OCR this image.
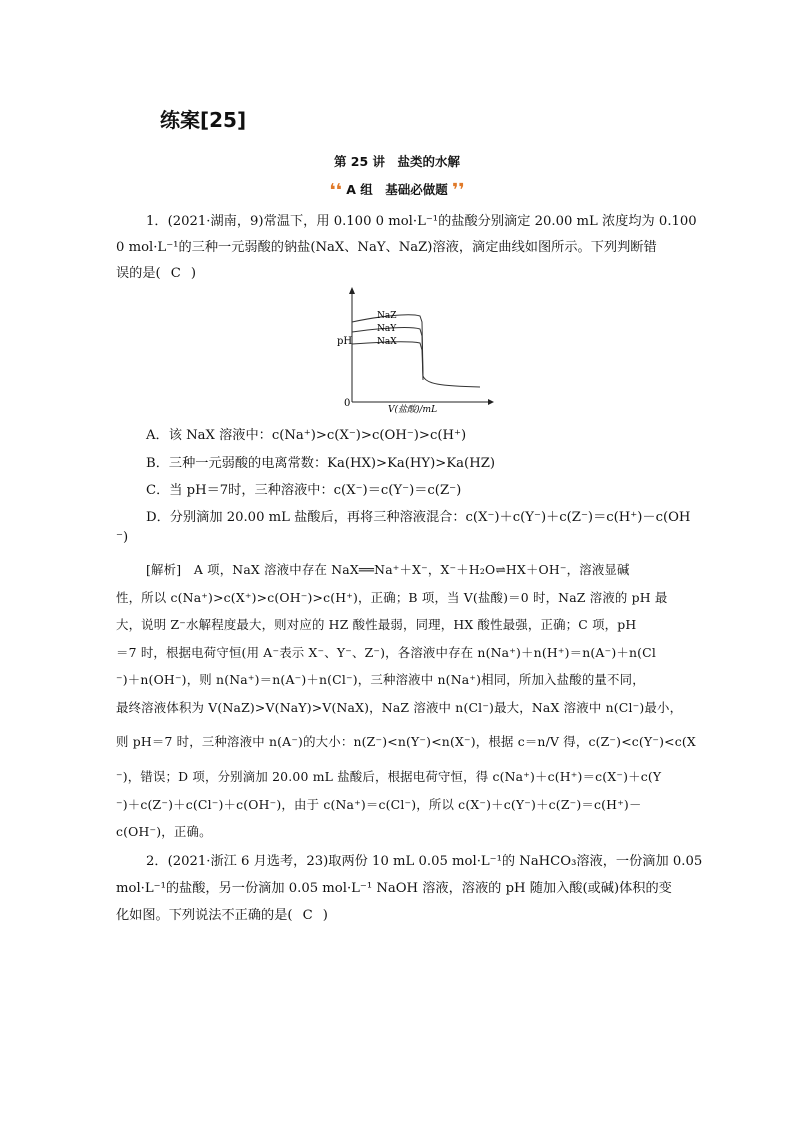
练案[25]
第 25 讲　盐类的水解
❛❛ A 组　基础必做题 ❜❜
1．(2021·湖南，9)常温下，用 0.100 0 mol·L⁻¹的盐酸分别滴定 20.00 mL 浓度均为 0.100
0 mol·L⁻¹的三种一元弱酸的钠盐(NaX、NaY、NaZ)溶液，滴定曲线如图所示。下列判断错
误的是( C )
pH
0
V(盐酸)/mL
NaZ
NaY
NaX
A．该 NaX 溶液中：c(Na⁺)>c(X⁻)>c(OH⁻)>c(H⁺)
B．三种一元弱酸的电离常数：Ka(HX)>Ka(HY)>Ka(HZ)
C．当 pH＝7时，三种溶液中：c(X⁻)＝c(Y⁻)＝c(Z⁻)
D．分别滴加 20.00 mL 盐酸后，再将三种溶液混合：c(X⁻)＋c(Y⁻)＋c(Z⁻)＝c(H⁺)－c(OH
⁻)
[解析]　A 项，NaX 溶液中存在 NaX══Na⁺＋X⁻，X⁻＋H₂O⇌HX＋OH⁻，溶液显碱
性，所以 c(Na⁺)>c(X⁺)>c(OH⁻)>c(H⁺)，正确；B 项，当 V(盐酸)＝0 时，NaZ 溶液的 pH 最
大，说明 Z⁻水解程度最大，则对应的 HZ 酸性最弱，同理，HX 酸性最强，正确；C 项，pH
＝7 时，根据电荷守恒(用 A⁻表示 X⁻、Y⁻、Z⁻)，各溶液中存在 n(Na⁺)＋n(H⁺)＝n(A⁻)＋n(Cl
⁻)＋n(OH⁻)，则 n(Na⁺)＝n(A⁻)＋n(Cl⁻)，三种溶液中 n(Na⁺)相同，所加入盐酸的量不同，
最终溶液体积为 V(NaZ)>V(NaY)>V(NaX)，NaZ 溶液中 n(Cl⁻)最大，NaX 溶液中 n(Cl⁻)最小，
则 pH＝7 时，三种溶液中 n(A⁻)的大小：n(Z⁻)<n(Y⁻)<n(X⁻)，根据 c＝n/V 得，c(Z⁻)<c(Y⁻)<c(X
⁻)，错误；D 项，分别滴加 20.00 mL 盐酸后，根据电荷守恒，得 c(Na⁺)＋c(H⁺)＝c(X⁻)＋c(Y
⁻)＋c(Z⁻)＋c(Cl⁻)＋c(OH⁻)，由于 c(Na⁺)＝c(Cl⁻)，所以 c(X⁻)＋c(Y⁻)＋c(Z⁻)＝c(H⁺)－
c(OH⁻)，正确。
2．(2021·浙江 6 月选考，23)取两份 10 mL 0.05 mol·L⁻¹的 NaHCO₃溶液，一份滴加 0.05
mol·L⁻¹的盐酸，另一份滴加 0.05 mol·L⁻¹ NaOH 溶液，溶液的 pH 随加入酸(或碱)体积的变
化如图。下列说法不正确的是( C )
